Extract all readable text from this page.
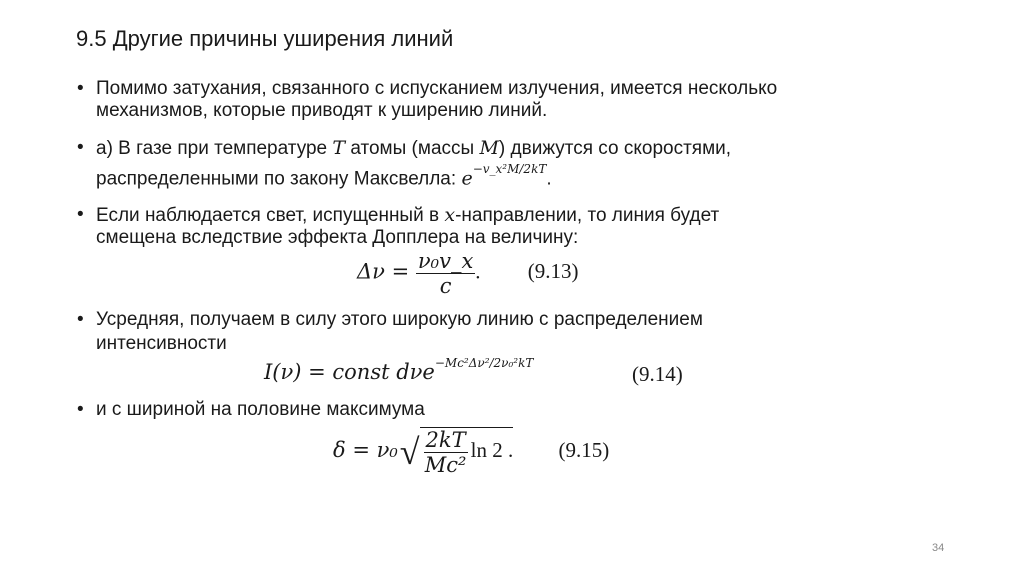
9.5 Другие причины уширения линий
• Помимо затухания, связанного с испусканием излучения, имеется несколько
механизмов, которые приводят к уширению линий.
• а) В газе при температуре T атомы (массы M) движутся со скоростями,
распределенными по закону Максвелла: $e^{-v\_x^2M/2kT}$.
• Если наблюдается свет, испущенный в x-направлении, то линия будет
смещена вследствие эффекта Допплера на величину:
$\Delta\nu = \frac{\text{ν₀v\_x}}{c}$ . (9.13)
• Усредняя, получаем в силу этого широкую линию с распределением
интенсивности
I(ν) = const dνe$^{-Mc^2\Delta\nu^2/2\nu_0^2kT}$	(9.14)
• и с шириной на половине максимума
$\delta = \nu_0√ \frac{2kT}{\text{Mc²}}$ ln 2 . (9.15)
34
